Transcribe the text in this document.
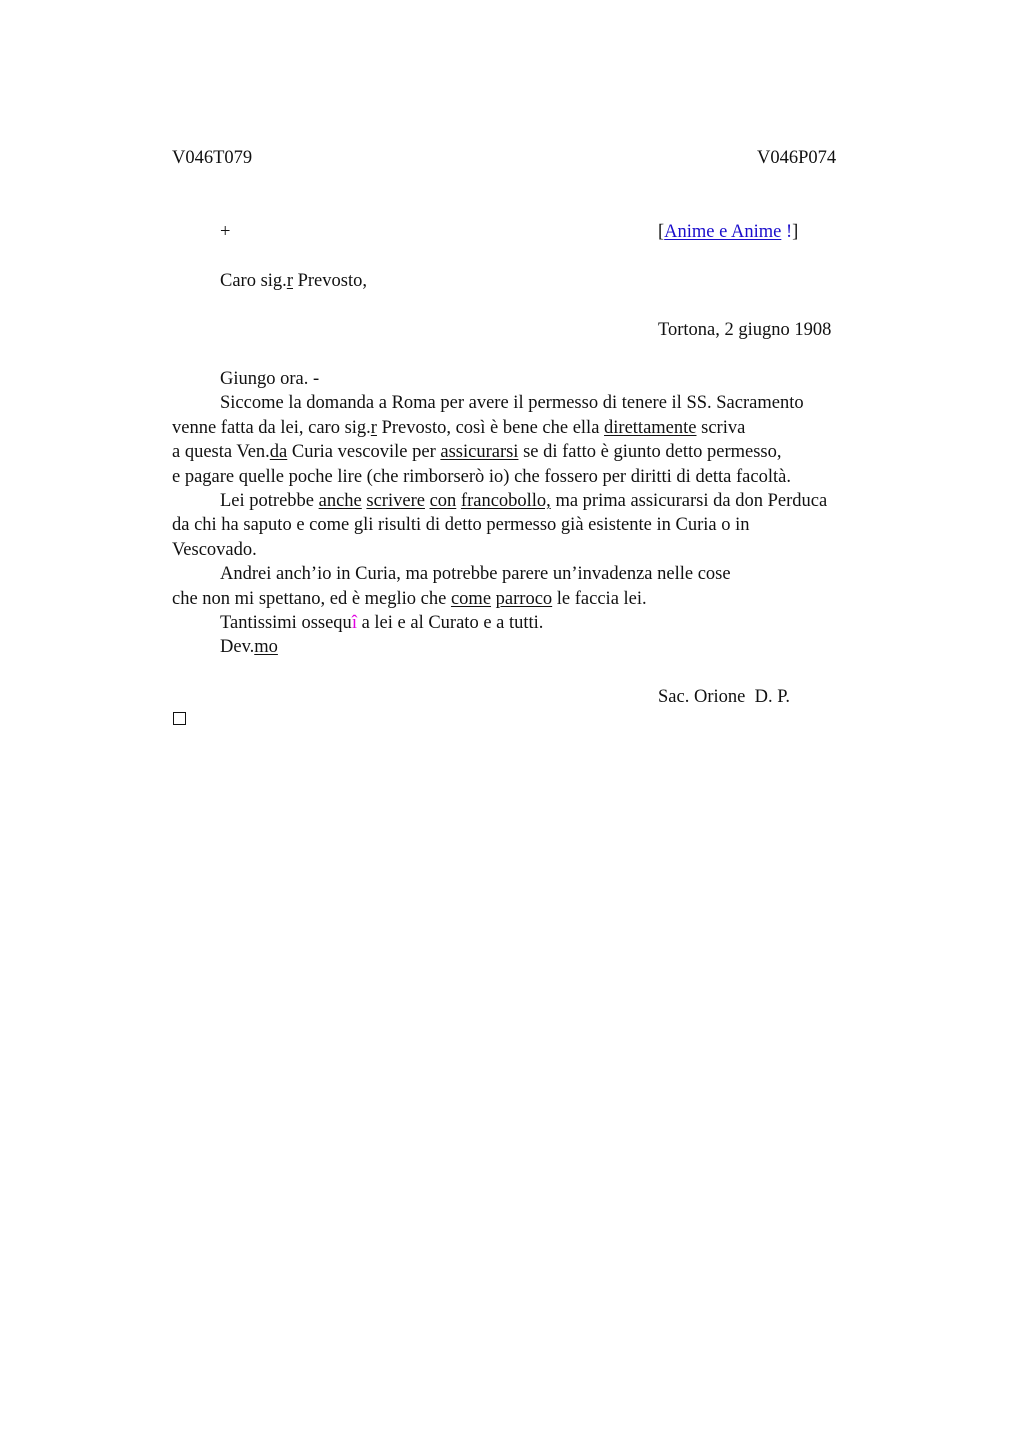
V046T079	V046P074
+	[Anime e Anime !]
Caro sig.r Prevosto,
Tortona, 2 giugno 1908
Giungo ora. -
Siccome la domanda a Roma per avere il permesso di tenere il SS. Sacramento
venne fatta da lei, caro sig.r Prevosto, così è bene che ella direttamente scriva
a questa Ven.da Curia vescovile per assicurarsi se di fatto è giunto detto permesso,
e pagare quelle poche lire (che rimborserò io) che fossero per diritti di detta facoltà.
Lei potrebbe anche scrivere con francobollo, ma prima assicurarsi da don Perduca
da chi ha saputo e come gli risulti di detto permesso già esistente in Curia o in
Vescovado.
Andrei anch’io in Curia, ma potrebbe parere un’invadenza nelle cose
che non mi spettano, ed è meglio che come parroco le faccia lei.
Tantissimi ossequî a lei e al Curato e a tutti.
Dev.mo
Sac. Orione  D. P.
